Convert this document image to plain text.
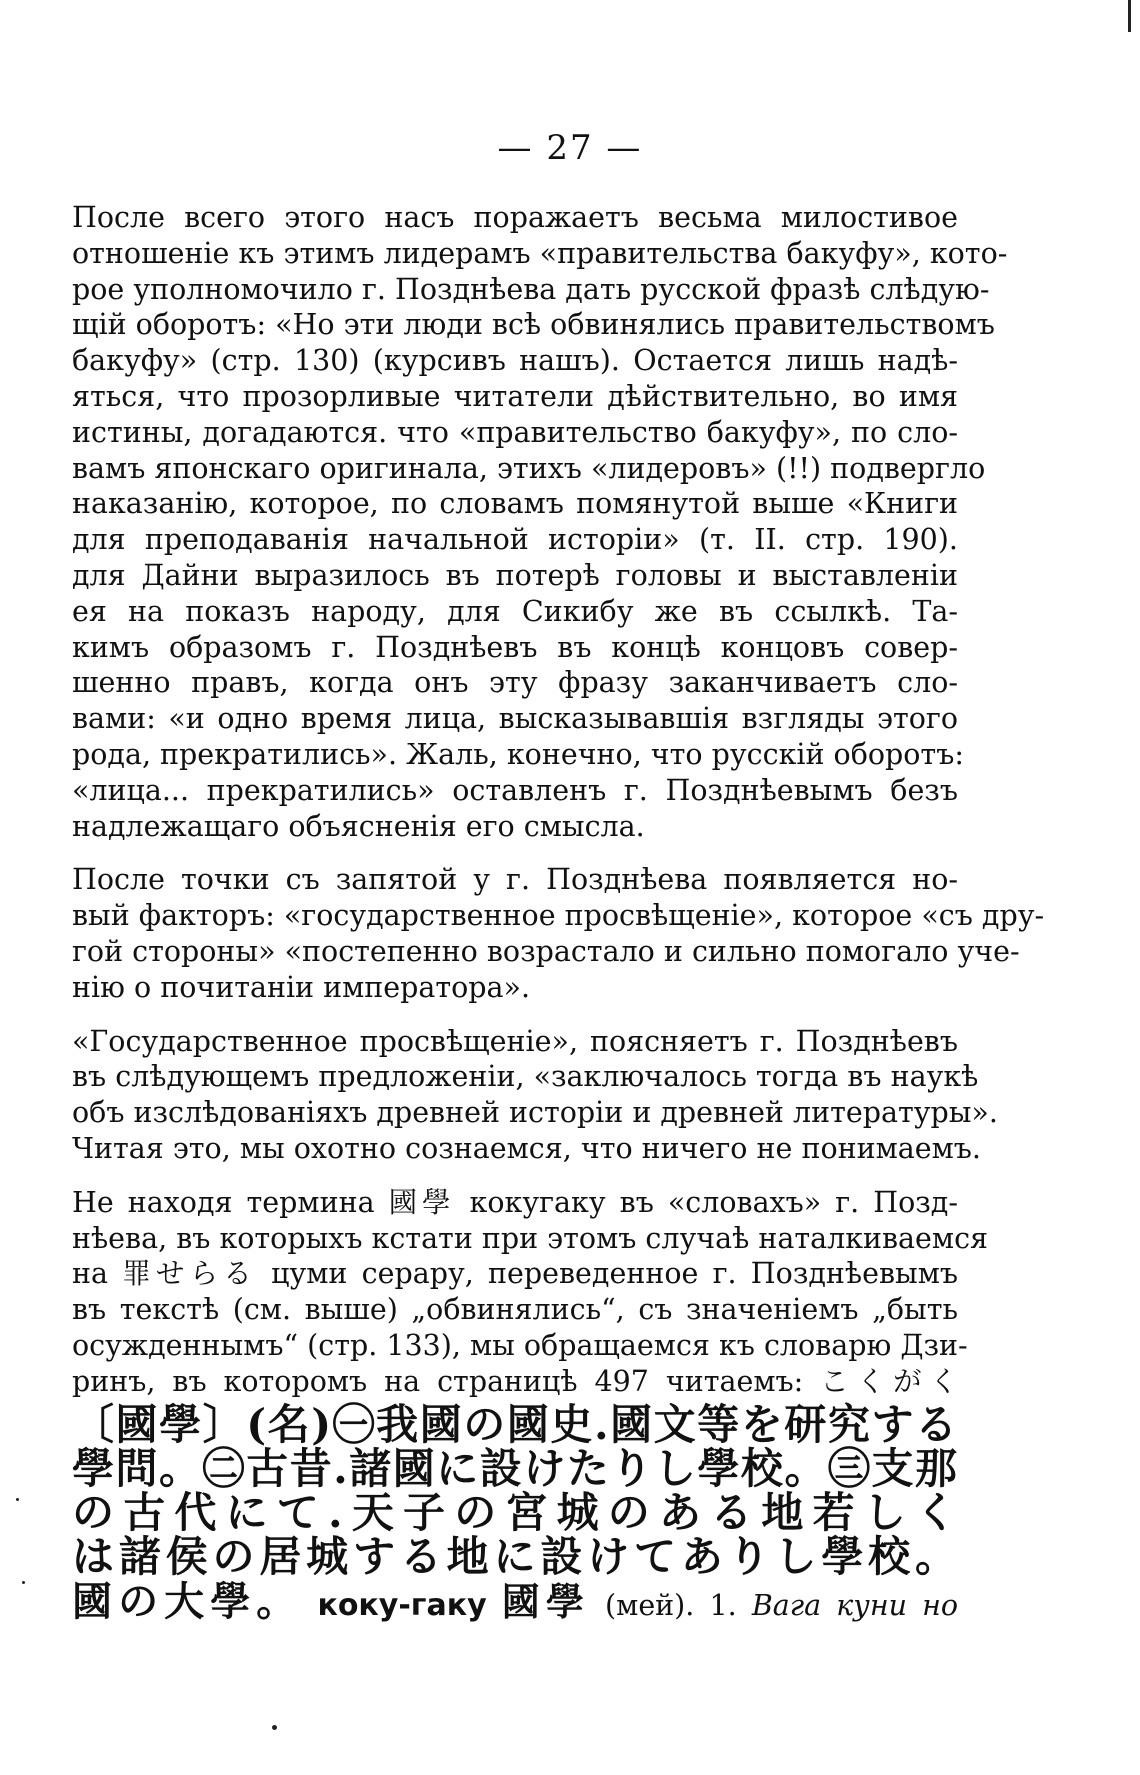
— 27 —
После всего этого насъ поражаетъ весьма милостивое
отношеніе къ этимъ лидерамъ «правительства бакуфу», кото-
рое уполномочило г. Позднѣева дать русской фразѣ слѣдую-
щій оборотъ: «Но эти люди всѣ обвинялись правительствомъ
бакуфу» (стр. 130) (курсивъ нашъ). Остается лишь надѣ-
яться, что прозорливые читатели дѣйствительно, во имя
истины, догадаются. что «правительство бакуфу», по сло-
вамъ японскаго оригинала, этихъ «лидеровъ» (!!) подвергло
наказанію, которое, по словамъ помянутой выше «Книги
для преподаванія начальной исторіи» (т. II. стр. 190).
для Дайни выразилось въ потерѣ головы и выставленіи
ея на показъ народу, для Сикибу же въ ссылкѣ. Та-
кимъ образомъ г. Позднѣевъ въ концѣ концовъ совер-
шенно правъ, когда онъ эту фразу заканчиваетъ сло-
вами: «и одно время лица, высказывавшія взгляды этого
рода, прекратились». Жаль, конечно, что русскій оборотъ:
«лица... прекратились» оставленъ г. Позднѣевымъ безъ
надлежащаго объясненія его смысла.
После точки съ запятой у г. Позднѣева появляется но-
вый факторъ: «государственное просвѣщеніе», которое «съ дру-
гой стороны» «постепенно возрастало и сильно помогало уче-
нію о почитаніи императора».
«Государственное просвѣщеніе», поясняетъ г. Позднѣевъ
въ слѣдующемъ предложеніи, «заключалось тогда въ наукѣ
объ изслѣдованіяхъ древней исторіи и древней литературы».
Читая это, мы охотно сознаемся, что ничего не понимаемъ.
Не находя термина 國學 кокугаку въ «словахъ» г. Позд-
нѣева, въ которыхъ кстати при этомъ случаѣ наталкиваемся
на 罪せらる цуми серару, переведенное г. Позднѣевымъ
въ текстѣ (см. выше) „обвинялись“, съ значеніемъ „быть
осужденнымъ“ (стр. 133), мы обращаемся къ словарю Дзи-
ринъ, въ которомъ на страницѣ 497 читаемъ: こくがく
〔國學〕(名)㊀我國の國史.國文等を研究する
學問。㊁古昔.諸國に設けたりし學校。㊂支那
の古代にて.天子の宮城のある地若しく
は諸侯の居城する地に設けてありし學校。
國の大學。 коку-гаку 國學 (мей). 1. Вага куни но
